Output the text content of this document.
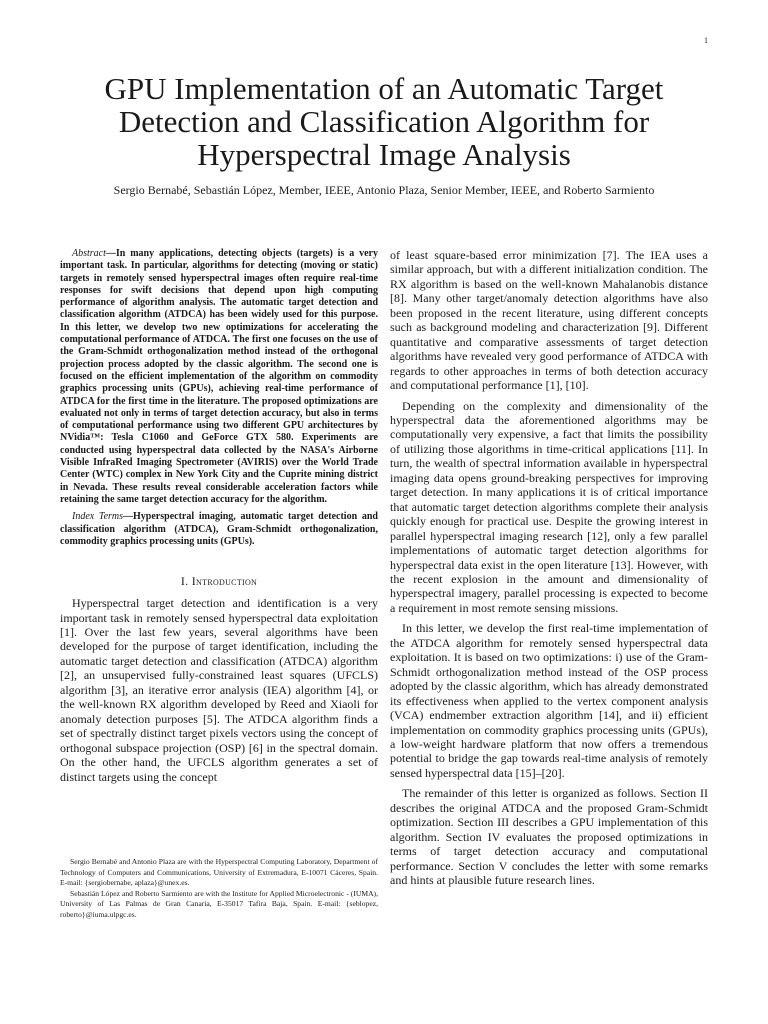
1
GPU Implementation of an Automatic Target Detection and Classification Algorithm for Hyperspectral Image Analysis
Sergio Bernabé, Sebastián López, Member, IEEE, Antonio Plaza, Senior Member, IEEE, and Roberto Sarmiento

Abstract—In many applications, detecting objects (targets) is a very important task. In particular, algorithms for detecting (moving or static) targets in remotely sensed hyperspectral images often require real-time responses for swift decisions that depend upon high computing performance of algorithm analysis. The automatic target detection and classification algorithm (ATDCA) has been widely used for this purpose. In this letter, we develop two new optimizations for accelerating the computational performance of ATDCA. The first one focuses on the use of the Gram-Schmidt orthogonalization method instead of the orthogonal projection process adopted by the classic algorithm. The second one is focused on the efficient implementation of the algorithm on commodity graphics processing units (GPUs), achieving real-time performance of ATDCA for the first time in the literature. The proposed optimizations are evaluated not only in terms of target detection accuracy, but also in terms of computational performance using two different GPU architectures by NVidia™: Tesla C1060 and GeForce GTX 580. Experiments are conducted using hyperspectral data collected by the NASA's Airborne Visible InfraRed Imaging Spectrometer (AVIRIS) over the World Trade Center (WTC) complex in New York City and the Cuprite mining district in Nevada. These results reveal considerable acceleration factors while retaining the same target detection accuracy for the algorithm.

Index Terms—Hyperspectral imaging, automatic target detection and classification algorithm (ATDCA), Gram-Schmidt orthogonalization, commodity graphics processing units (GPUs).

I. Introduction

Hyperspectral target detection and identification is a very important task in remotely sensed hyperspectral data exploitation [1]. Over the last few years, several algorithms have been developed for the purpose of target identification, including the automatic target detection and classification (ATDCA) algorithm [2], an unsupervised fully-constrained least squares (UFCLS) algorithm [3], an iterative error analysis (IEA) algorithm [4], or the well-known RX algorithm developed by Reed and Xiaoli for anomaly detection purposes [5]. The ATDCA algorithm finds a set of spectrally distinct target pixels vectors using the concept of orthogonal subspace projection (OSP) [6] in the spectral domain. On the other hand, the UFCLS algorithm generates a set of distinct targets using the concept

of least square-based error minimization [7]. The IEA uses a similar approach, but with a different initialization condition. The RX algorithm is based on the well-known Mahalanobis distance [8]. Many other target/anomaly detection algorithms have also been proposed in the recent literature, using different concepts such as background modeling and characterization [9]. Different quantitative and comparative assessments of target detection algorithms have revealed very good performance of ATDCA with regards to other approaches in terms of both detection accuracy and computational performance [1], [10].

Depending on the complexity and dimensionality of the hyperspectral data the aforementioned algorithms may be computationally very expensive, a fact that limits the possibility of utilizing those algorithms in time-critical applications [11]. In turn, the wealth of spectral information available in hyperspectral imaging data opens ground-breaking perspectives for improving target detection. In many applications it is of critical importance that automatic target detection algorithms complete their analysis quickly enough for practical use. Despite the growing interest in parallel hyperspectral imaging research [12], only a few parallel implementations of automatic target detection algorithms for hyperspectral data exist in the open literature [13]. However, with the recent explosion in the amount and dimensionality of hyperspectral imagery, parallel processing is expected to become a requirement in most remote sensing missions.

In this letter, we develop the first real-time implementation of the ATDCA algorithm for remotely sensed hyperspectral data exploitation. It is based on two optimizations: i) use of the Gram-Schmidt orthogonalization method instead of the OSP process adopted by the classic algorithm, which has already demonstrated its effectiveness when applied to the vertex component analysis (VCA) endmember extraction algorithm [14], and ii) efficient implementation on commodity graphics processing units (GPUs), a low-weight hardware platform that now offers a tremendous potential to bridge the gap towards real-time analysis of remotely sensed hyperspectral data [15]–[20].

The remainder of this letter is organized as follows. Section II describes the original ATDCA and the proposed Gram-Schmidt optimization. Section III describes a GPU implementation of this algorithm. Section IV evaluates the proposed optimizations in terms of target detection accuracy and computational performance. Section V concludes the letter with some remarks and hints at plausible future research lines.

Sergio Bernabé and Antonio Plaza are with the Hyperspectral Computing Laboratory, Department of Technology of Computers and Communications, University of Extremadura, E-10071 Cáceres, Spain. E-mail: {sergiobernabe, aplaza}@unex.es.

Sebastián López and Roberto Sarmiento are with the Institute for Applied Microelectronic - (IUMA), University of Las Palmas de Gran Canaria, E-35017 Tafira Baja, Spain. E-mail: {seblopez, roberto}@iuma.ulpgc.es.
